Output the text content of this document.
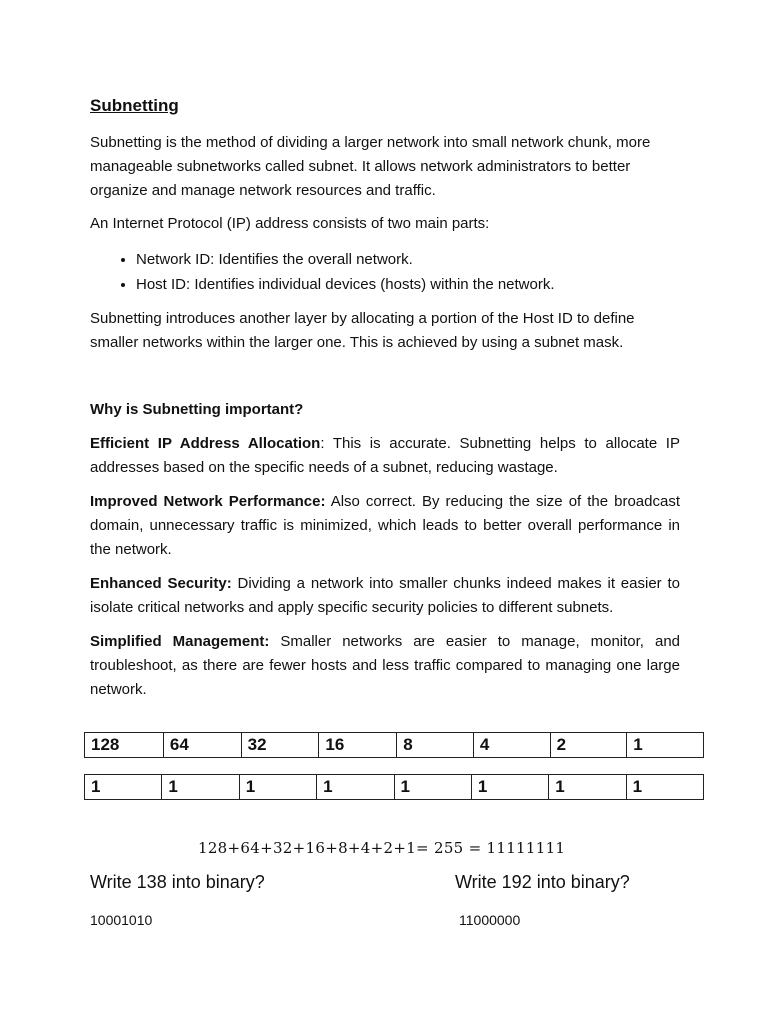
Subnetting

Subnetting is the method of dividing a larger network into small network chunk, more manageable subnetworks called subnet. It allows network administrators to better organize and manage network resources and traffic.

An Internet Protocol (IP) address consists of two main parts:

• Network ID: Identifies the overall network.
• Host ID: Identifies individual devices (hosts) within the network.

Subnetting introduces another layer by allocating a portion of the Host ID to define smaller networks within the larger one. This is achieved by using a subnet mask.

Why is Subnetting important?

Efficient IP Address Allocation: This is accurate. Subnetting helps to allocate IP addresses based on the specific needs of a subnet, reducing wastage.

Improved Network Performance: Also correct. By reducing the size of the broadcast domain, unnecessary traffic is minimized, which leads to better overall performance in the network.

Enhanced Security: Dividing a network into smaller chunks indeed makes it easier to isolate critical networks and apply specific security policies to different subnets.

Simplified Management: Smaller networks are easier to manage, monitor, and troubleshoot, as there are fewer hosts and less traffic compared to managing one large network.

128	64	32	16	8	4	2	1
1	1	1	1	1	1	1	1
128+64+32+16+8+4+2+1= 255 = 11111111
Write 138 into binary?
10001010
Write 192 into binary?
11000000
